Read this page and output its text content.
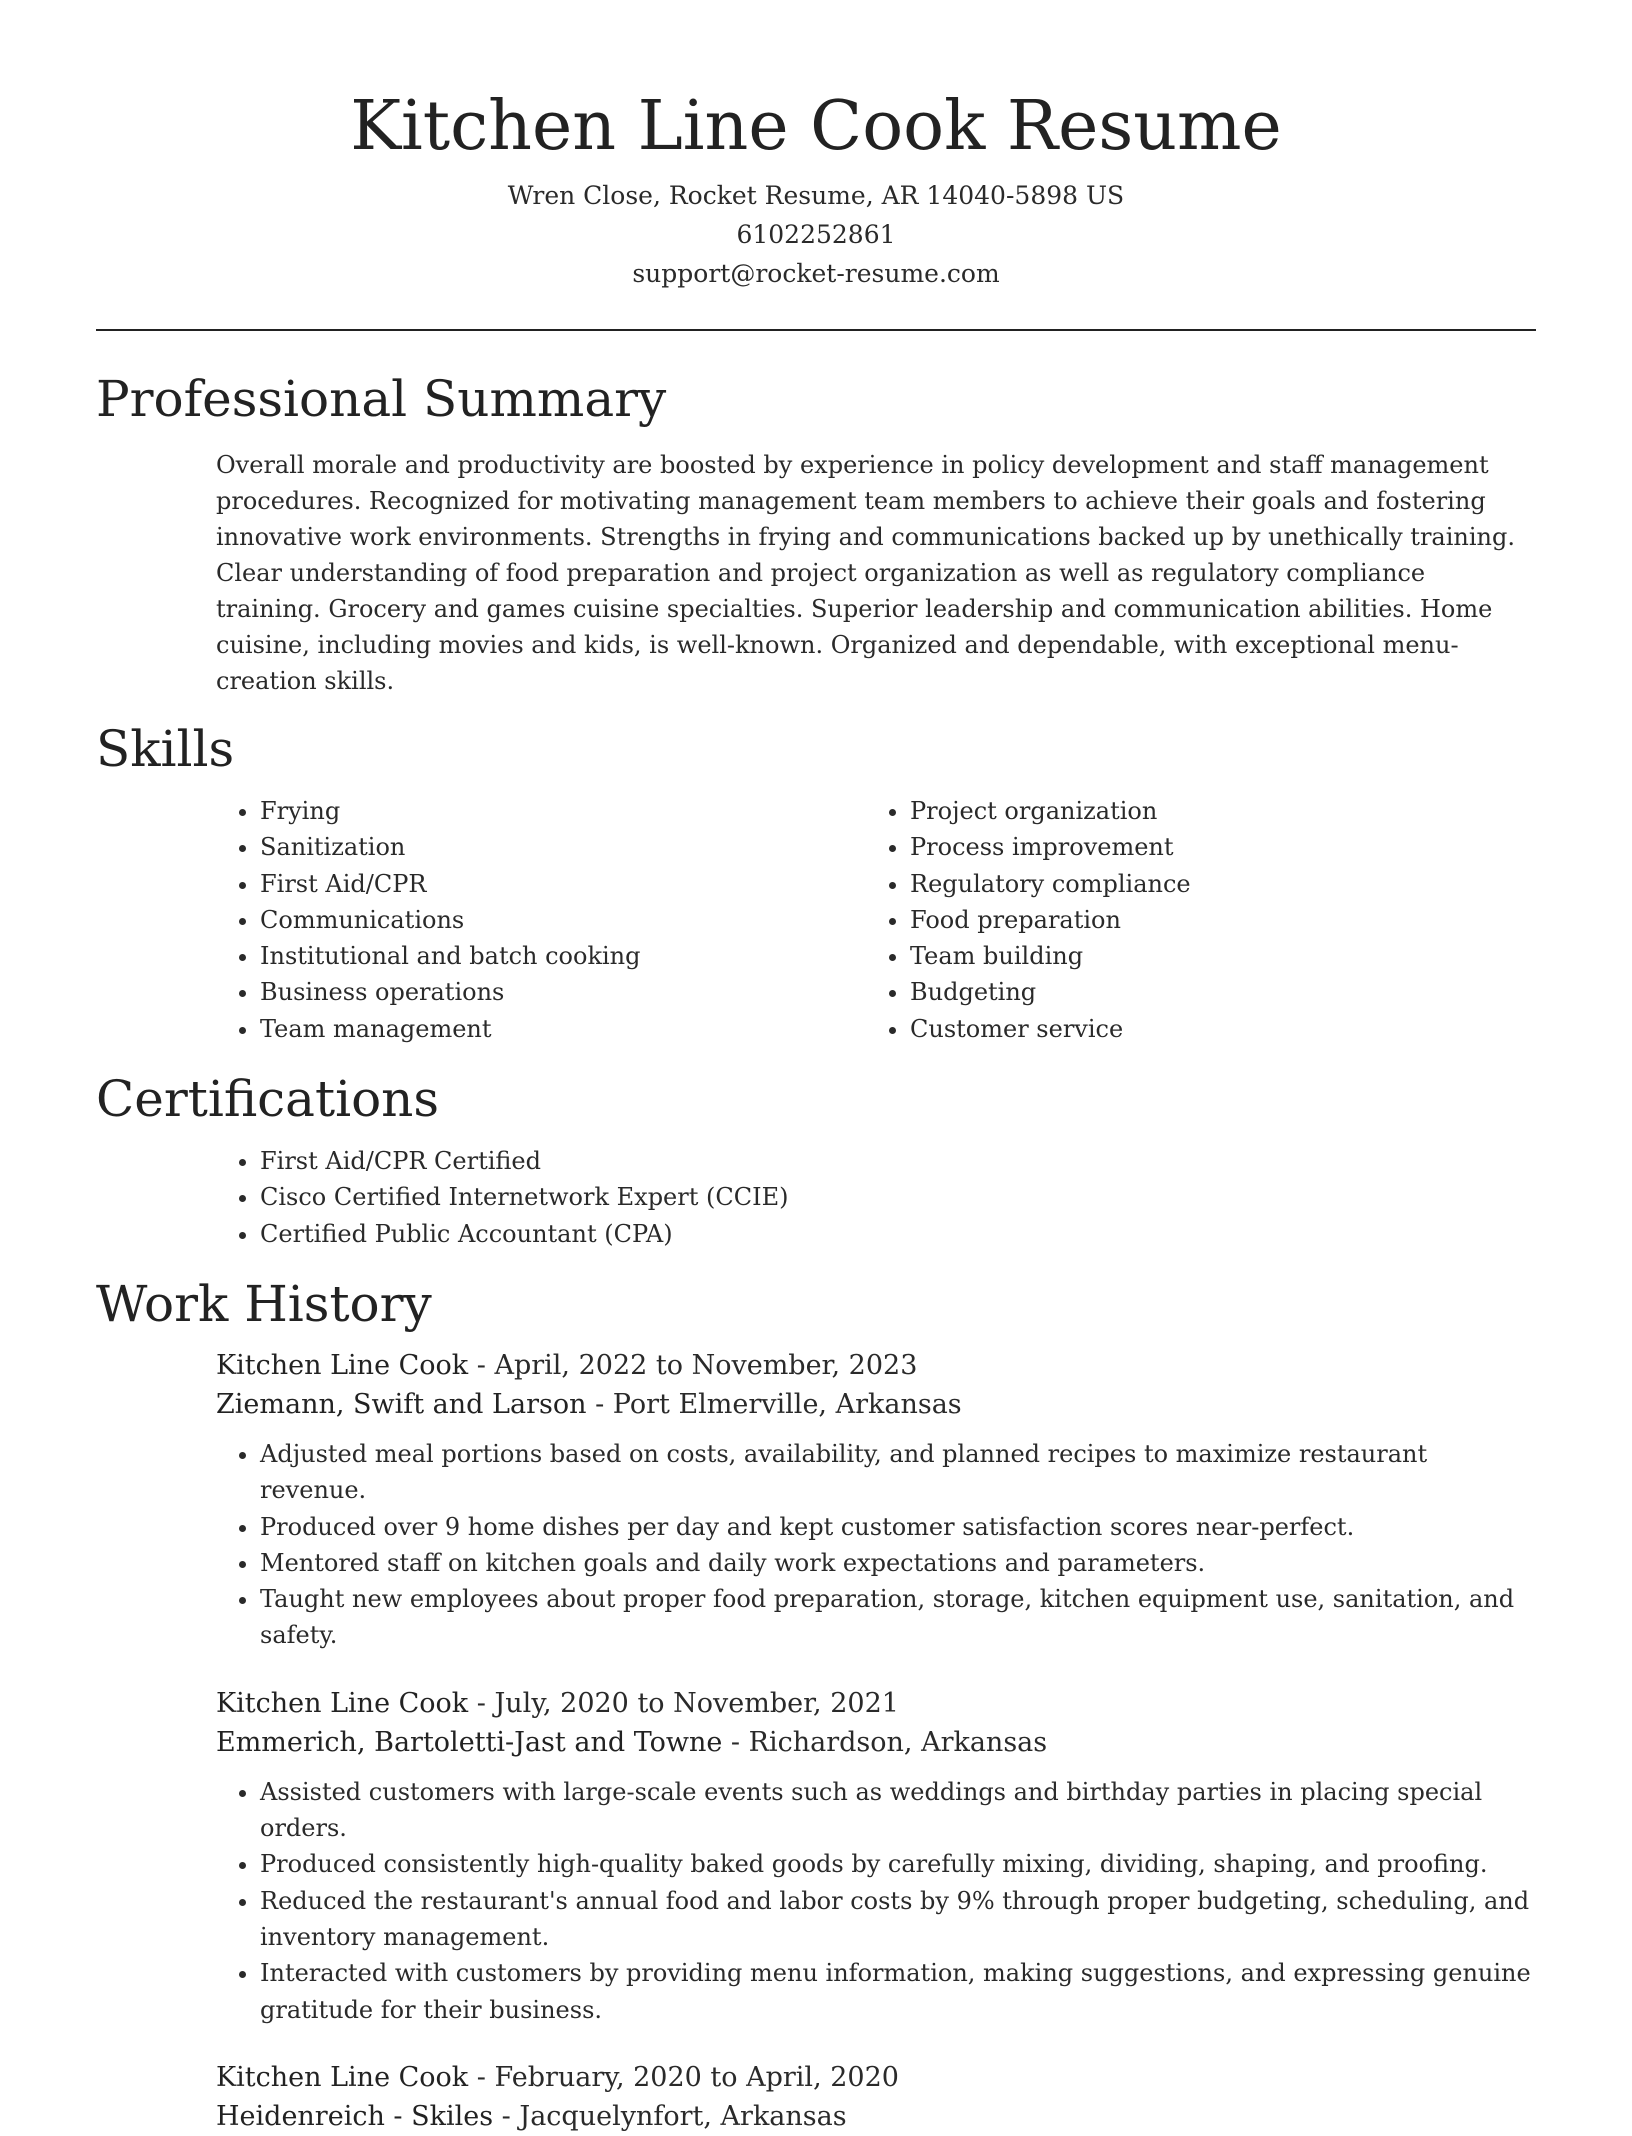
Kitchen Line Cook Resume
Wren Close, Rocket Resume, AR 14040-5898 US
6102252861
support@rocket-resume.com
Professional Summary

Overall morale and productivity are boosted by experience in policy development and staff management procedures. Recognized for motivating management team members to achieve their goals and fostering innovative work environments. Strengths in frying and communications backed up by unethically training. Clear understanding of food preparation and project organization as well as regulatory compliance training. Grocery and games cuisine specialties. Superior leadership and communication abilities. Home cuisine, including movies and kids, is well-known. Organized and dependable, with exceptional menu-creation skills.

Skills
• Frying
• Sanitization
• First Aid/CPR
• Communications
• Institutional and batch cooking
• Business operations
• Team management
• Project organization
• Process improvement
• Regulatory compliance
• Food preparation
• Team building
• Budgeting
• Customer service
Certifications
• First Aid/CPR Certified
• Cisco Certified Internetwork Expert (CCIE)
• Certified Public Accountant (CPA)
Work History
Kitchen Line Cook - April, 2022 to November, 2023
Ziemann, Swift and Larson - Port Elmerville, Arkansas
• Adjusted meal portions based on costs, availability, and planned recipes to maximize restaurant revenue.
• Produced over 9 home dishes per day and kept customer satisfaction scores near-perfect.
• Mentored staff on kitchen goals and daily work expectations and parameters.
• Taught new employees about proper food preparation, storage, kitchen equipment use, sanitation, and safety.
Kitchen Line Cook - July, 2020 to November, 2021
Emmerich, Bartoletti-Jast and Towne - Richardson, Arkansas
• Assisted customers with large-scale events such as weddings and birthday parties in placing special orders.
• Produced consistently high-quality baked goods by carefully mixing, dividing, shaping, and proofing.
• Reduced the restaurant's annual food and labor costs by 9% through proper budgeting, scheduling, and inventory management.
• Interacted with customers by providing menu information, making suggestions, and expressing genuine gratitude for their business.
Kitchen Line Cook - February, 2020 to April, 2020
Heidenreich - Skiles - Jacquelynfort, Arkansas
